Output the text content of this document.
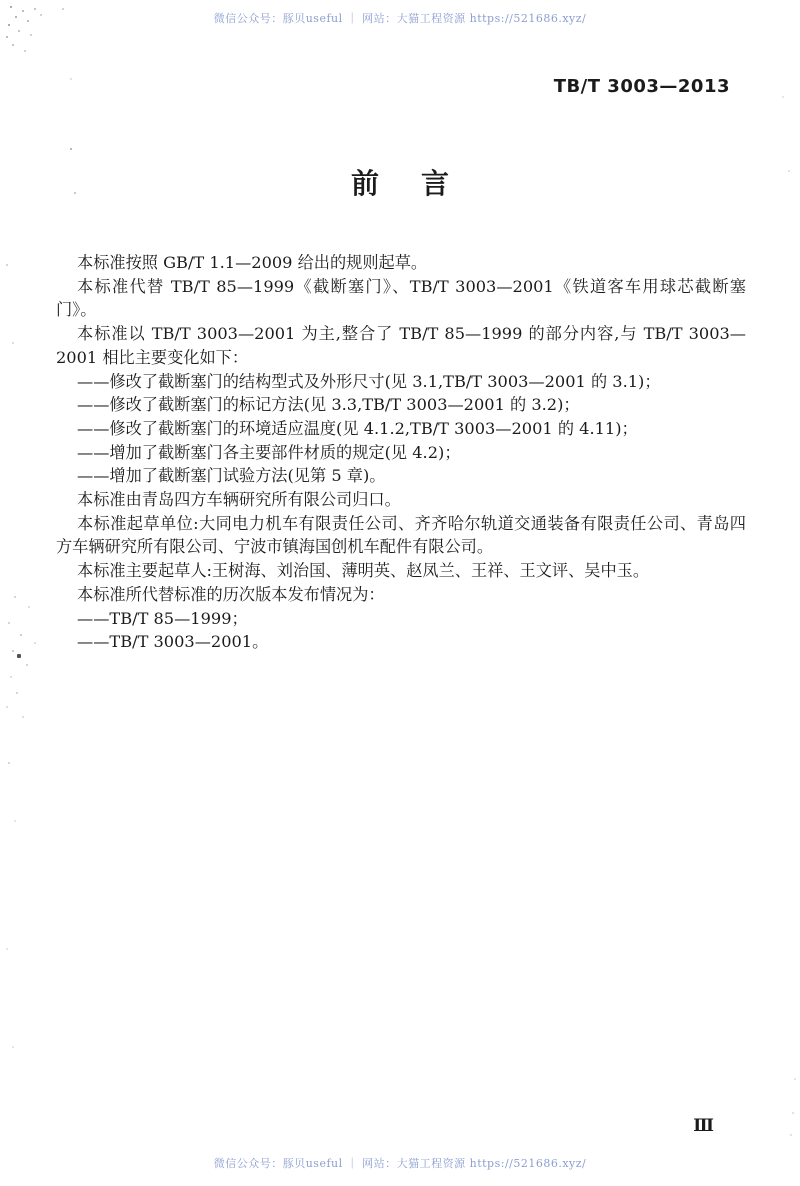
微信公众号：豚贝useful ｜ 网站：大猫工程资源 https://521686.xyz/
TB/T 3003—2013
前　言

本标准按照 GB/T 1.1—2009 给出的规则起草。

本标准代替 TB/T 85—1999《截断塞门》、TB/T 3003—2001《铁道客车用球芯截断塞门》。

本标准以 TB/T 3003—2001 为主,整合了 TB/T 85—1999 的部分内容,与 TB/T 3003—2001 相比主要变化如下：

——修改了截断塞门的结构型式及外形尺寸(见 3.1,TB/T 3003—2001 的 3.1)；

——修改了截断塞门的标记方法(见 3.3,TB/T 3003—2001 的 3.2)；

——修改了截断塞门的环境适应温度(见 4.1.2,TB/T 3003—2001 的 4.11)；

——增加了截断塞门各主要部件材质的规定(见 4.2)；

——增加了截断塞门试验方法(见第 5 章)。

本标准由青岛四方车辆研究所有限公司归口。

本标准起草单位:大同电力机车有限责任公司、齐齐哈尔轨道交通装备有限责任公司、青岛四方车辆研究所有限公司、宁波市镇海国创机车配件有限公司。

本标准主要起草人:王树海、刘治国、薄明英、赵凤兰、王祥、王文评、吴中玉。

本标准所代替标准的历次版本发布情况为：

——TB/T 85—1999；

——TB/T 3003—2001。

Ⅲ
微信公众号：豚贝useful ｜ 网站：大猫工程资源 https://521686.xyz/
